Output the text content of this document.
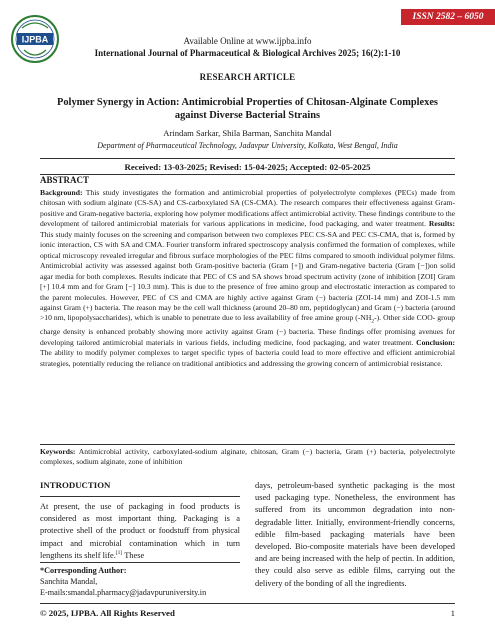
ISSN 2582 – 6050
IJPBA	Available Online at www.ijpba.info
International Journal of Pharmaceutical & Biological Archives 2025; 16(2):1-10
RESEARCH ARTICLE
Polymer Synergy in Action: Antimicrobial Properties of Chitosan-Alginate Complexes against Diverse Bacterial Strains
Arindam Sarkar, Shila Barman, Sanchita Mandal
Department of Pharmaceutical Technology, Jadavpur University, Kolkata, West Bengal, India
Received: 13-03-2025; Revised: 15-04-2025; Accepted: 02-05-2025
ABSTRACT
Background: This study investigates the formation and antimicrobial properties of polyelectrolyte complexes (PECs) made from chitosan with sodium alginate (CS-SA) and CS-carboxylated SA (CS-CMA). The research compares their effectiveness against Gram-positive and Gram-negative bacteria, exploring how polymer modifications affect antimicrobial activity. These findings contribute to the development of tailored antimicrobial materials for various applications in medicine, food packaging, and water treatment. Results: This study mainly focuses on the screening and comparison between two complexes PEC CS-SA and PEC CS-CMA, that is, formed by ionic interaction, CS with SA and CMA. Fourier transform infrared spectroscopy analysis confirmed the formation of complexes, while optical microscopy revealed irregular and fibrous surface morphologies of the PEC films compared to smooth individual polymer films. Antimicrobial activity was assessed against both Gram-positive bacteria (Gram [+]) and Gram-negative bacteria (Gram [−])on solid agar media for both complexes. Results indicate that PEC of CS and SA shows broad spectrum activity (zone of inhibition [ZOI] Gram [+] 10.4 mm and for Gram [−] 10.3 mm). This is due to the presence of free amino group and electrostatic interaction as compared to the parent molecules. However, PEC of CS and CMA are highly active against Gram (−) bacteria (ZOI-14 mm) and ZOI-1.5 mm against Gram (+) bacteria. The reason may be the cell wall thickness (around 20–80 nm, peptidoglycan) and Gram (−) bacteria (around >10 nm, lipopolysaccharides), which is unable to penetrate due to less availability of free amine group $(-NH_2-)$. Other side COO- group charge density is enhanced probably showing more activity against Gram (−) bacteria. These findings offer promising avenues for developing tailored antimicrobial materials in various fields, including medicine, food packaging, and water treatment. Conclusion: The ability to modify polymer complexes to target specific types of bacteria could lead to more effective and efficient antimicrobial strategies, potentially reducing the reliance on traditional antibiotics and addressing the growing concern of antimicrobial resistance.
Keywords: Antimicrobial activity, carboxylated-sodium alginate, chitosan, Gram (−) bacteria, Gram (+) bacteria, polyelectrolyte complexes, sodium alginate, zone of inhibition
INTRODUCTION
At present, the use of packaging in food products is considered as most important thing. Packaging is a protective shell of the product or foodstuff from physical impact and microbial contamination which in turn lengthens its shelf life.[1] These
*Corresponding Author:
Sanchita Mandal,
E-mails:smandal.pharmacy@jadavpuruniversity.in
days, petroleum-based synthetic packaging is the most used packaging type. Nonetheless, the environment has suffered from its uncommon degradation into non-degradable litter. Initially, environment-friendly concerns, edible film-based packaging materials have been developed. Bio-composite materials have been developed and are being increased with the help of pectin. In addition, they could also serve as edible films, carrying out the delivery of the bonding of all the ingredients.
© 2025, IJPBA. All Rights Reserved	1
